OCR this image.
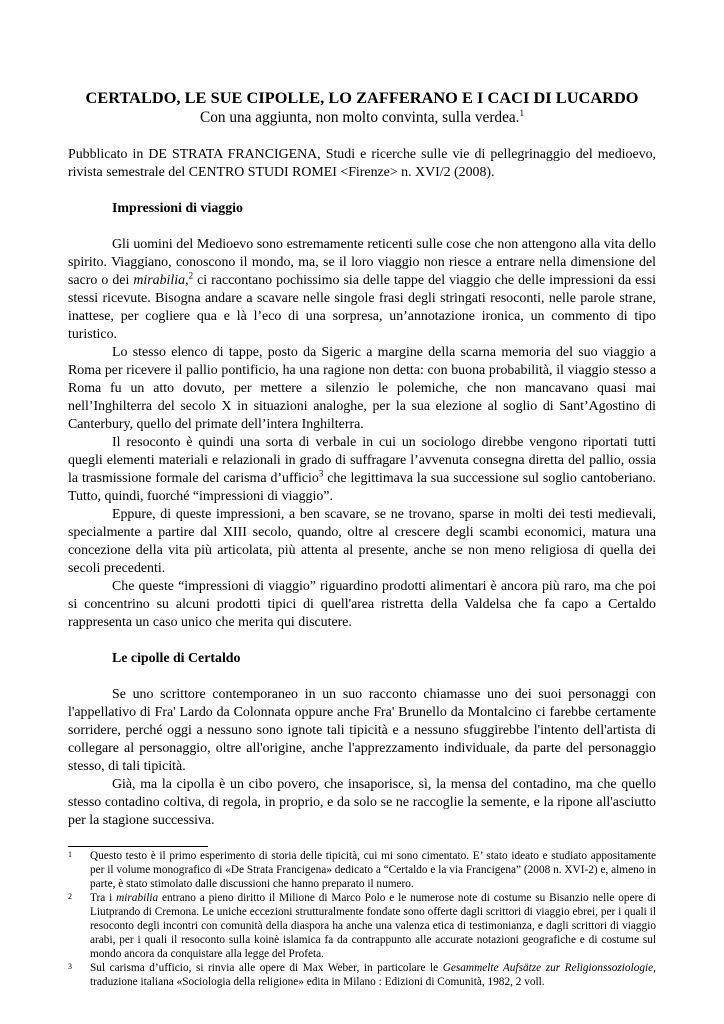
CERTALDO, LE SUE CIPOLLE, LO ZAFFERANO E I CACI DI LUCARDO

Con una aggiunta, non molto convinta, sulla verdea.$^1$

Pubblicato in DE STRATA FRANCIGENA, Studi e ricerche sulle vie di pellegrinaggio del medioevo, rivista semestrale del CENTRO STUDI ROMEI <Firenze> n. XVI/2 (2008).

Impressioni di viaggio

Gli uomini del Medioevo sono estremamente reticenti sulle cose che non attengono alla vita dello spirito. Viaggiano, conoscono il mondo, ma, se il loro viaggio non riesce a entrare nella dimensione del sacro o dei mirabilia,$^2$ ci raccontano pochissimo sia delle tappe del viaggio che delle impressioni da essi stessi ricevute. Bisogna andare a scavare nelle singole frasi degli stringati resoconti, nelle parole strane, inattese, per cogliere qua e là l’eco di una sorpresa, un’annotazione ironica, un commento di tipo turistico.

Lo stesso elenco di tappe, posto da Sigeric a margine della scarna memoria del suo viaggio a Roma per ricevere il pallio pontificio, ha una ragione non detta: con buona probabilità, il viaggio stesso a Roma fu un atto dovuto, per mettere a silenzio le polemiche, che non mancavano quasi mai nell’Inghilterra del secolo X in situazioni analoghe, per la sua elezione al soglio di Sant’Agostino di Canterbury, quello del primate dell’intera Inghilterra.

Il resoconto è quindi una sorta di verbale in cui un sociologo direbbe vengono riportati tutti quegli elementi materiali e relazionali in grado di suffragare l’avvenuta consegna diretta del pallio, ossia la trasmissione formale del carisma d’ufficio$^3$ che legittimava la sua successione sul soglio cantoberiano. Tutto, quindi, fuorché “impressioni di viaggio”.

Eppure, di queste impressioni, a ben scavare, se ne trovano, sparse in molti dei testi medievali, specialmente a partire dal XIII secolo, quando, oltre al crescere degli scambi economici, matura una concezione della vita più articolata, più attenta al presente, anche se non meno religiosa di quella dei secoli precedenti.

Che queste “impressioni di viaggio” riguardino prodotti alimentari è ancora più raro, ma che poi si concentrino su alcuni prodotti tipici di quell'area ristretta della Valdelsa che fa capo a Certaldo rappresenta un caso unico che merita qui discutere.

Le cipolle di Certaldo

Se uno scrittore contemporaneo in un suo racconto chiamasse uno dei suoi personaggi con l'appellativo di Fra' Lardo da Colonnata oppure anche Fra' Brunello da Montalcino ci farebbe certamente sorridere, perché oggi a nessuno sono ignote tali tipicità e a nessuno sfuggirebbe l'intento dell'artista di collegare al personaggio, oltre all'origine, anche l'apprezzamento individuale, da parte del personaggio stesso, di tali tipicità.

Già, ma la cipolla è un cibo povero, che insaporisce, sì, la mensa del contadino, ma che quello stesso contadino coltiva, di regola, in proprio, e da solo se ne raccoglie la semente, e la ripone all'asciutto per la stagione successiva.

1	Questo testo è il primo esperimento di storia delle tipicità, cui mi sono cimentato. E’ stato ideato e studiato appositamente per il volume monografico di «De Strata Francigena» dedicato a “Certaldo e la via Francigena” (2008 n. XVI-2) e, almeno in parte, è stato stimolato dalle discussioni che hanno preparato il numero.
2	Tra i mirabilia entrano a pieno diritto il Milione di Marco Polo e le numerose note di costume su Bisanzio nelle opere di Liutprando di Cremona. Le uniche eccezioni strutturalmente fondate sono offerte dagli scrittori di viaggio ebrei, per i quali il resoconto degli incontri con comunità della diaspora ha anche una valenza etica di testimonianza, e dagli scrittori di viaggio arabi, per i quali il resoconto sulla koinè islamica fa da contrappunto alle accurate notazioni geografiche e di costume sul mondo ancora da conquistare alla legge del Profeta.
3	Sul carisma d’ufficio, si rinvia alle opere di Max Weber, in particolare le Gesammelte Aufsätze zur Religionssoziologie, traduzione italiana «Sociologia della religione» edita in Milano : Edizioni di Comunità, 1982, 2 voll.
